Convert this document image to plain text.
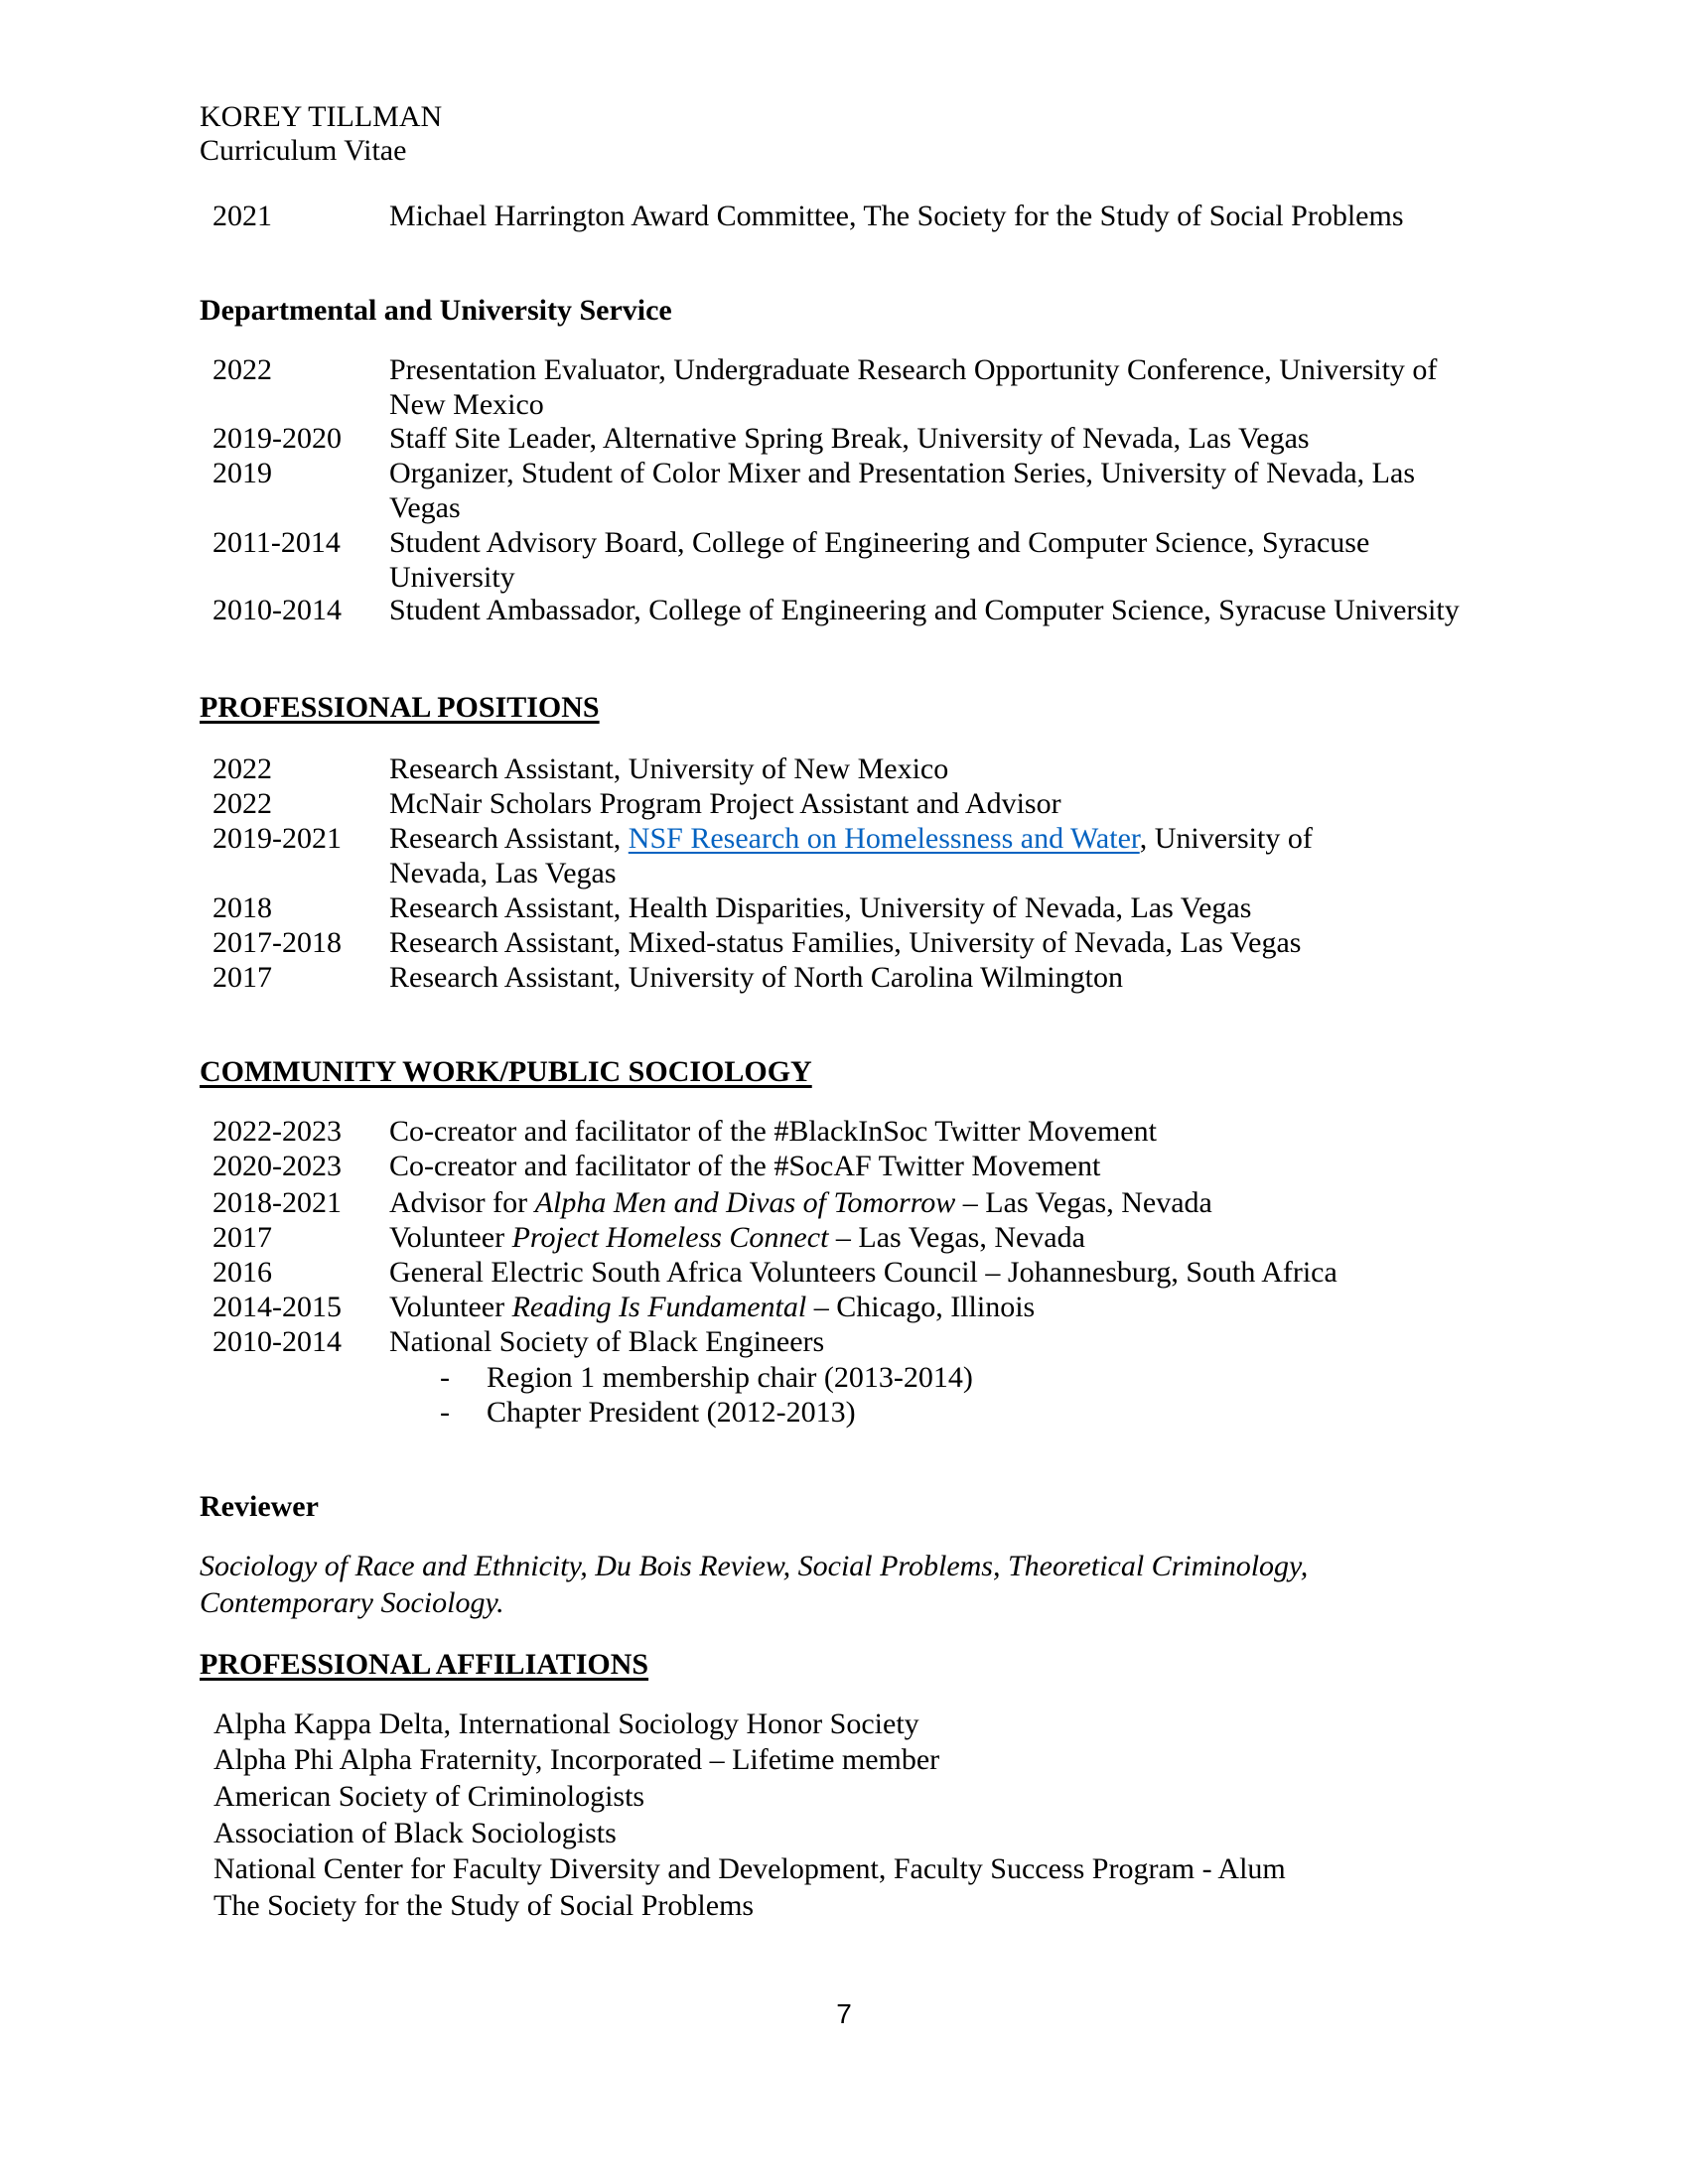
KOREY TILLMAN
Curriculum Vitae
2021	Michael Harrington Award Committee, The Society for the Study of Social Problems
Departmental and University Service
2022	Presentation Evaluator, Undergraduate Research Opportunity Conference, University of
New Mexico
2019-2020 Staff Site Leader, Alternative Spring Break, University of Nevada, Las Vegas
2019	Organizer, Student of Color Mixer and Presentation Series, University of Nevada, Las
Vegas
2011-2014 Student Advisory Board, College of Engineering and Computer Science, Syracuse
University
2010-2014 Student Ambassador, College of Engineering and Computer Science, Syracuse University
PROFESSIONAL POSITIONS
2022	Research Assistant, University of New Mexico
2022	McNair Scholars Program Project Assistant and Advisor
2019-2021 Research Assistant, NSF Research on Homelessness and Water, University of
Nevada, Las Vegas
2018	Research Assistant, Health Disparities, University of Nevada, Las Vegas
2017-2018 Research Assistant, Mixed-status Families, University of Nevada, Las Vegas
2017	Research Assistant, University of North Carolina Wilmington
COMMUNITY WORK/PUBLIC SOCIOLOGY
2022-2023 Co-creator and facilitator of the #BlackInSoc Twitter Movement
2020-2023 Co-creator and facilitator of the #SocAF Twitter Movement
2018-2021 Advisor for Alpha Men and Divas of Tomorrow – Las Vegas, Nevada
2017	Volunteer Project Homeless Connect – Las Vegas, Nevada
2016	General Electric South Africa Volunteers Council – Johannesburg, South Africa
2014-2015 Volunteer Reading Is Fundamental – Chicago, Illinois
2010-2014 National Society of Black Engineers
- Region 1 membership chair (2013-2014)
- Chapter President (2012-2013)
Reviewer
Sociology of Race and Ethnicity, Du Bois Review, Social Problems, Theoretical Criminology,
Contemporary Sociology.
PROFESSIONAL AFFILIATIONS
Alpha Kappa Delta, International Sociology Honor Society
Alpha Phi Alpha Fraternity, Incorporated – Lifetime member
American Society of Criminologists
Association of Black Sociologists
National Center for Faculty Diversity and Development, Faculty Success Program - Alum
The Society for the Study of Social Problems
7
